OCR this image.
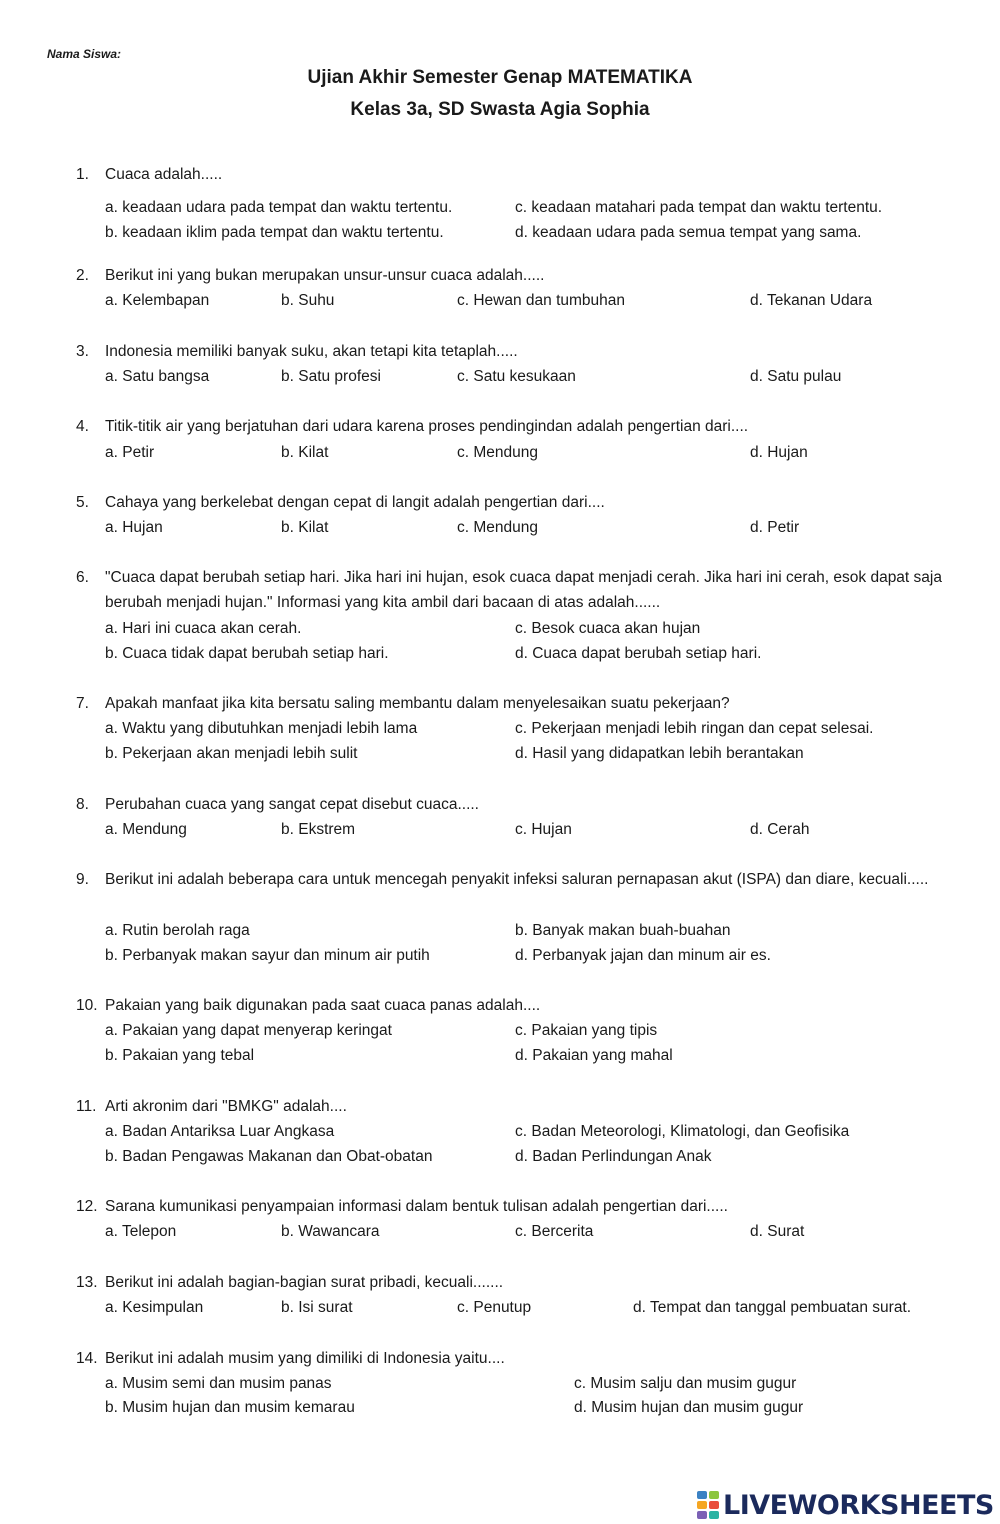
Nama Siswa:
Ujian Akhir Semester Genap MATEMATIKA
Kelas 3a, SD Swasta Agia Sophia
1. Cuaca adalah.....
a. keadaan udara pada tempat dan waktu tertentu.	c. keadaan matahari pada tempat dan waktu tertentu.
b. keadaan iklim pada tempat dan waktu tertentu.	d. keadaan udara pada semua tempat yang sama.
2. Berikut ini yang bukan merupakan unsur-unsur cuaca adalah.....
a. Kelembapan	b. Suhu	c. Hewan dan tumbuhan	d. Tekanan Udara
3. Indonesia memiliki banyak suku, akan tetapi kita tetaplah.....
a. Satu bangsa	b. Satu profesi	c. Satu kesukaan	d. Satu pulau
4. Titik-titik air yang berjatuhan dari udara karena proses pendingindan adalah pengertian dari....
a. Petir	b. Kilat	c. Mendung	d. Hujan
5. Cahaya yang berkelebat dengan cepat di langit adalah pengertian dari....
a. Hujan	b. Kilat	c. Mendung	d. Petir
6. "Cuaca dapat berubah setiap hari. Jika hari ini hujan, esok cuaca dapat menjadi cerah. Jika hari ini cerah, esok dapat saja berubah menjadi hujan." Informasi yang kita ambil dari bacaan di atas adalah......
a. Hari ini cuaca akan cerah.	c. Besok cuaca akan hujan
b. Cuaca tidak dapat berubah setiap hari.	d. Cuaca dapat berubah setiap hari.
7. Apakah manfaat jika kita bersatu saling membantu dalam menyelesaikan suatu pekerjaan?
a. Waktu yang dibutuhkan menjadi lebih lama	c. Pekerjaan menjadi lebih ringan dan cepat selesai.
b. Pekerjaan akan menjadi lebih sulit	d. Hasil yang didapatkan lebih berantakan
8. Perubahan cuaca yang sangat cepat disebut cuaca.....
a. Mendung	b. Ekstrem	c. Hujan	d. Cerah
9. Berikut ini adalah beberapa cara untuk mencegah penyakit infeksi saluran pernapasan akut (ISPA) dan diare, kecuali.....
a. Rutin berolah raga	b. Banyak makan buah-buahan
b. Perbanyak makan sayur dan minum air putih	d. Perbanyak jajan dan minum air es.
10. Pakaian yang baik digunakan pada saat cuaca panas adalah....
a. Pakaian yang dapat menyerap keringat	c. Pakaian yang tipis
b. Pakaian yang tebal	d. Pakaian yang mahal
11. Arti akronim dari "BMKG" adalah....
a. Badan Antariksa Luar Angkasa	c. Badan Meteorologi, Klimatologi, dan Geofisika
b. Badan Pengawas Makanan dan Obat-obatan	d. Badan Perlindungan Anak
12. Sarana kumunikasi penyampaian informasi dalam bentuk tulisan adalah pengertian dari.....
a. Telepon	b. Wawancara	c. Bercerita	d. Surat
13. Berikut ini adalah bagian-bagian surat pribadi, kecuali.......
a. Kesimpulan	b. Isi surat	c. Penutup	d. Tempat dan tanggal pembuatan surat.
14. Berikut ini adalah musim yang dimiliki di Indonesia yaitu....
a. Musim semi dan musim panas	c. Musim salju dan musim gugur
b. Musim hujan dan musim kemarau	d. Musim hujan dan musim gugur
LIVEWORKSHEETS
